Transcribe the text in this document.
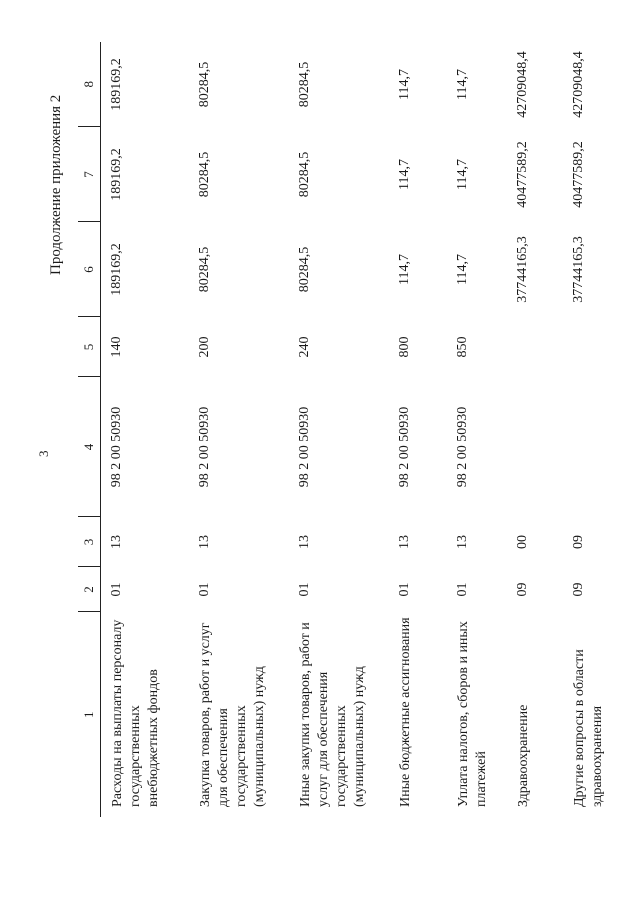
3
Продолжение приложения 2
1	2	3	4	5	6	7	8
Расходы на выплаты персоналу государственных внебюджетных фондов	01	13	98 2 00 50930	140	189169,2	189169,2	189169,2
Закупка товаров, работ и услуг для обеспечения государственных (муниципальных) нужд	01	13	98 2 00 50930	200	80284,5	80284,5	80284,5
Иные закупки товаров, работ и услуг для обеспечения государственных (муниципальных) нужд	01	13	98 2 00 50930	240	80284,5	80284,5	80284,5
Иные бюджетные ассигнования	01	13	98 2 00 50930	800	114,7	114,7	114,7
Уплата налогов, сборов и иных платежей	01	13	98 2 00 50930	850	114,7	114,7	114,7
Здравоохранение	09	00			37744165,3	40477589,2	42709048,4
Другие вопросы в области здравоохранения	09	09			37744165,3	40477589,2	42709048,4
